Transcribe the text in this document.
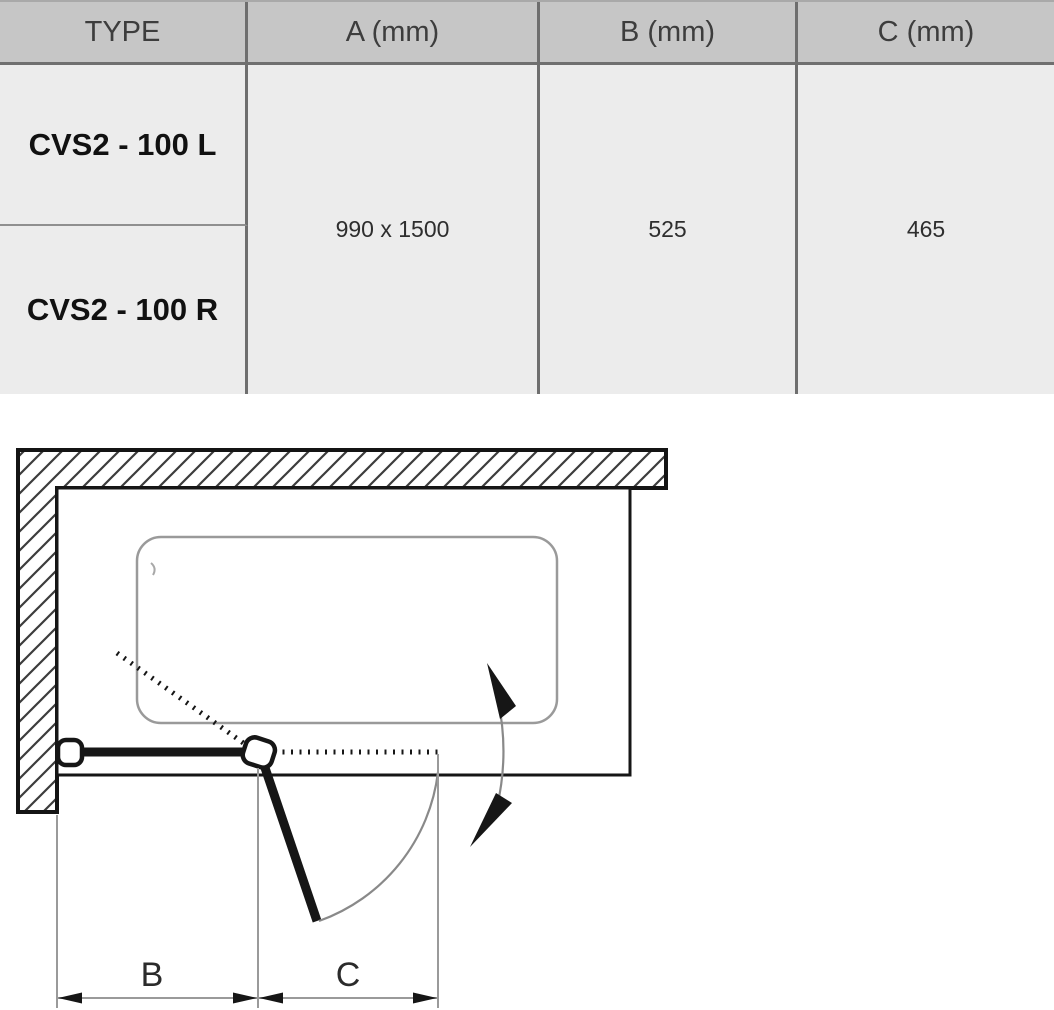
TYPE	A (mm)	B (mm)	C (mm)
CVS2 - 100 L
CVS2 - 100 R
990 x 1500	525	465
B	C
